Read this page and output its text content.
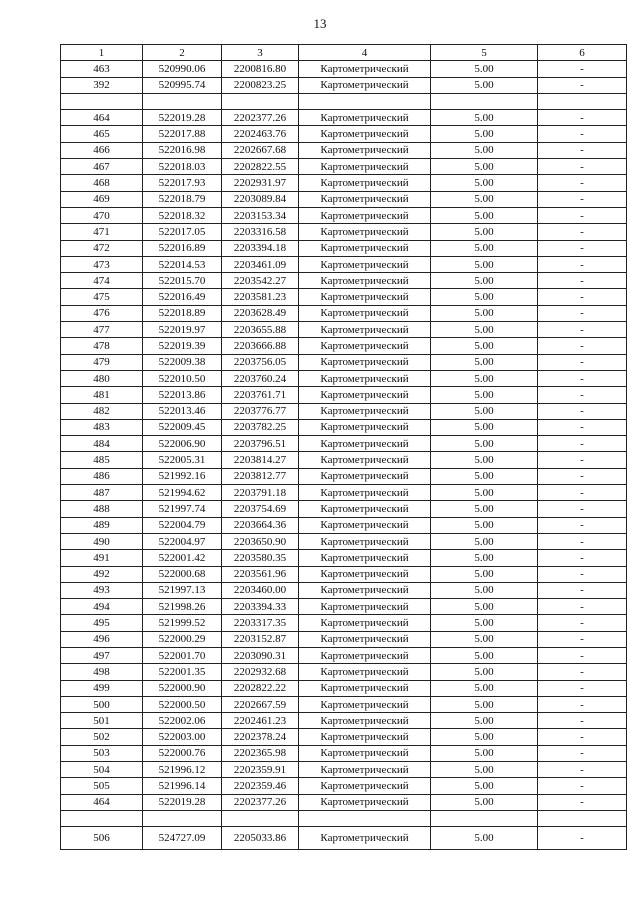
13
1	2	3	4	5	6
463	520990.06	2200816.80	Картометрический	5.00	-
392	520995.74	2200823.25	Картометрический	5.00	-

464	522019.28	2202377.26	Картометрический	5.00	-
465	522017.88	2202463.76	Картометрический	5.00	-
466	522016.98	2202667.68	Картометрический	5.00	-
467	522018.03	2202822.55	Картометрический	5.00	-
468	522017.93	2202931.97	Картометрический	5.00	-
469	522018.79	2203089.84	Картометрический	5.00	-
470	522018.32	2203153.34	Картометрический	5.00	-
471	522017.05	2203316.58	Картометрический	5.00	-
472	522016.89	2203394.18	Картометрический	5.00	-
473	522014.53	2203461.09	Картометрический	5.00	-
474	522015.70	2203542.27	Картометрический	5.00	-
475	522016.49	2203581.23	Картометрический	5.00	-
476	522018.89	2203628.49	Картометрический	5.00	-
477	522019.97	2203655.88	Картометрический	5.00	-
478	522019.39	2203666.88	Картометрический	5.00	-
479	522009.38	2203756.05	Картометрический	5.00	-
480	522010.50	2203760.24	Картометрический	5.00	-
481	522013.86	2203761.71	Картометрический	5.00	-
482	522013.46	2203776.77	Картометрический	5.00	-
483	522009.45	2203782.25	Картометрический	5.00	-
484	522006.90	2203796.51	Картометрический	5.00	-
485	522005.31	2203814.27	Картометрический	5.00	-
486	521992.16	2203812.77	Картометрический	5.00	-
487	521994.62	2203791.18	Картометрический	5.00	-
488	521997.74	2203754.69	Картометрический	5.00	-
489	522004.79	2203664.36	Картометрический	5.00	-
490	522004.97	2203650.90	Картометрический	5.00	-
491	522001.42	2203580.35	Картометрический	5.00	-
492	522000.68	2203561.96	Картометрический	5.00	-
493	521997.13	2203460.00	Картометрический	5.00	-
494	521998.26	2203394.33	Картометрический	5.00	-
495	521999.52	2203317.35	Картометрический	5.00	-
496	522000.29	2203152.87	Картометрический	5.00	-
497	522001.70	2203090.31	Картометрический	5.00	-
498	522001.35	2202932.68	Картометрический	5.00	-
499	522000.90	2202822.22	Картометрический	5.00	-
500	522000.50	2202667.59	Картометрический	5.00	-
501	522002.06	2202461.23	Картометрический	5.00	-
502	522003.00	2202378.24	Картометрический	5.00	-
503	522000.76	2202365.98	Картометрический	5.00	-
504	521996.12	2202359.91	Картометрический	5.00	-
505	521996.14	2202359.46	Картометрический	5.00	-
464	522019.28	2202377.26	Картометрический	5.00	-

506	524727.09	2205033.86	Картометрический	5.00	-
